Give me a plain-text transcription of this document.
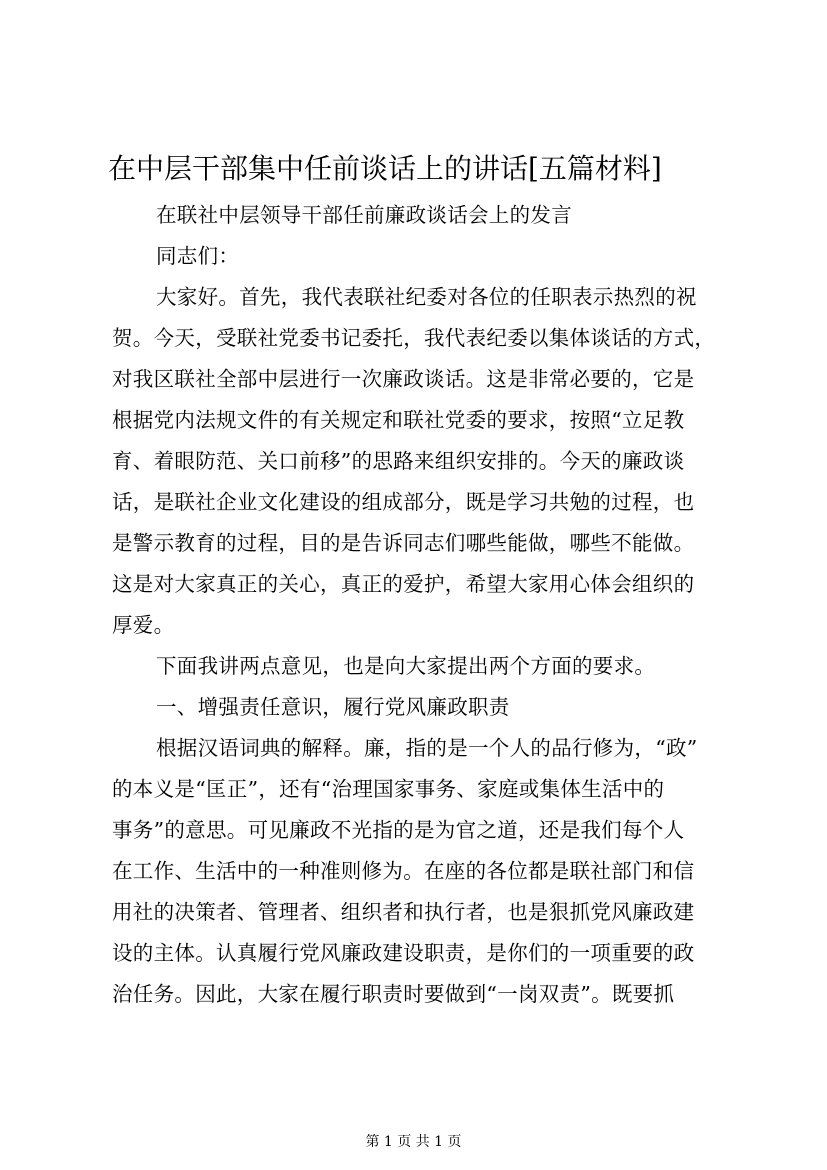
在中层干部集中任前谈话上的讲话[五篇材料]

在联社中层领导干部任前廉政谈话会上的发言

同志们：

大家好。首先，我代表联社纪委对各位的任职表示热烈的祝

贺。今天，受联社党委书记委托，我代表纪委以集体谈话的方式，

对我区联社全部中层进行一次廉政谈话。这是非常必要的，它是

根据党内法规文件的有关规定和联社党委的要求，按照“立足教

育、着眼防范、关口前移”的思路来组织安排的。今天的廉政谈

话，是联社企业文化建设的组成部分，既是学习共勉的过程，也

是警示教育的过程，目的是告诉同志们哪些能做，哪些不能做。

这是对大家真正的关心，真正的爱护，希望大家用心体会组织的

厚爱。

下面我讲两点意见，也是向大家提出两个方面的要求。

一、增强责任意识，履行党风廉政职责

根据汉语词典的解释。廉，指的是一个人的品行修为，“政”

的本义是“匡正”，还有“治理国家事务、家庭或集体生活中的

事务”的意思。可见廉政不光指的是为官之道，还是我们每个人

在工作、生活中的一种准则修为。在座的各位都是联社部门和信

用社的决策者、管理者、组织者和执行者，也是狠抓党风廉政建

设的主体。认真履行党风廉政建设职责，是你们的一项重要的政

治任务。因此，大家在履行职责时要做到“一岗双责”。既要抓

第 1 页 共 1 页
